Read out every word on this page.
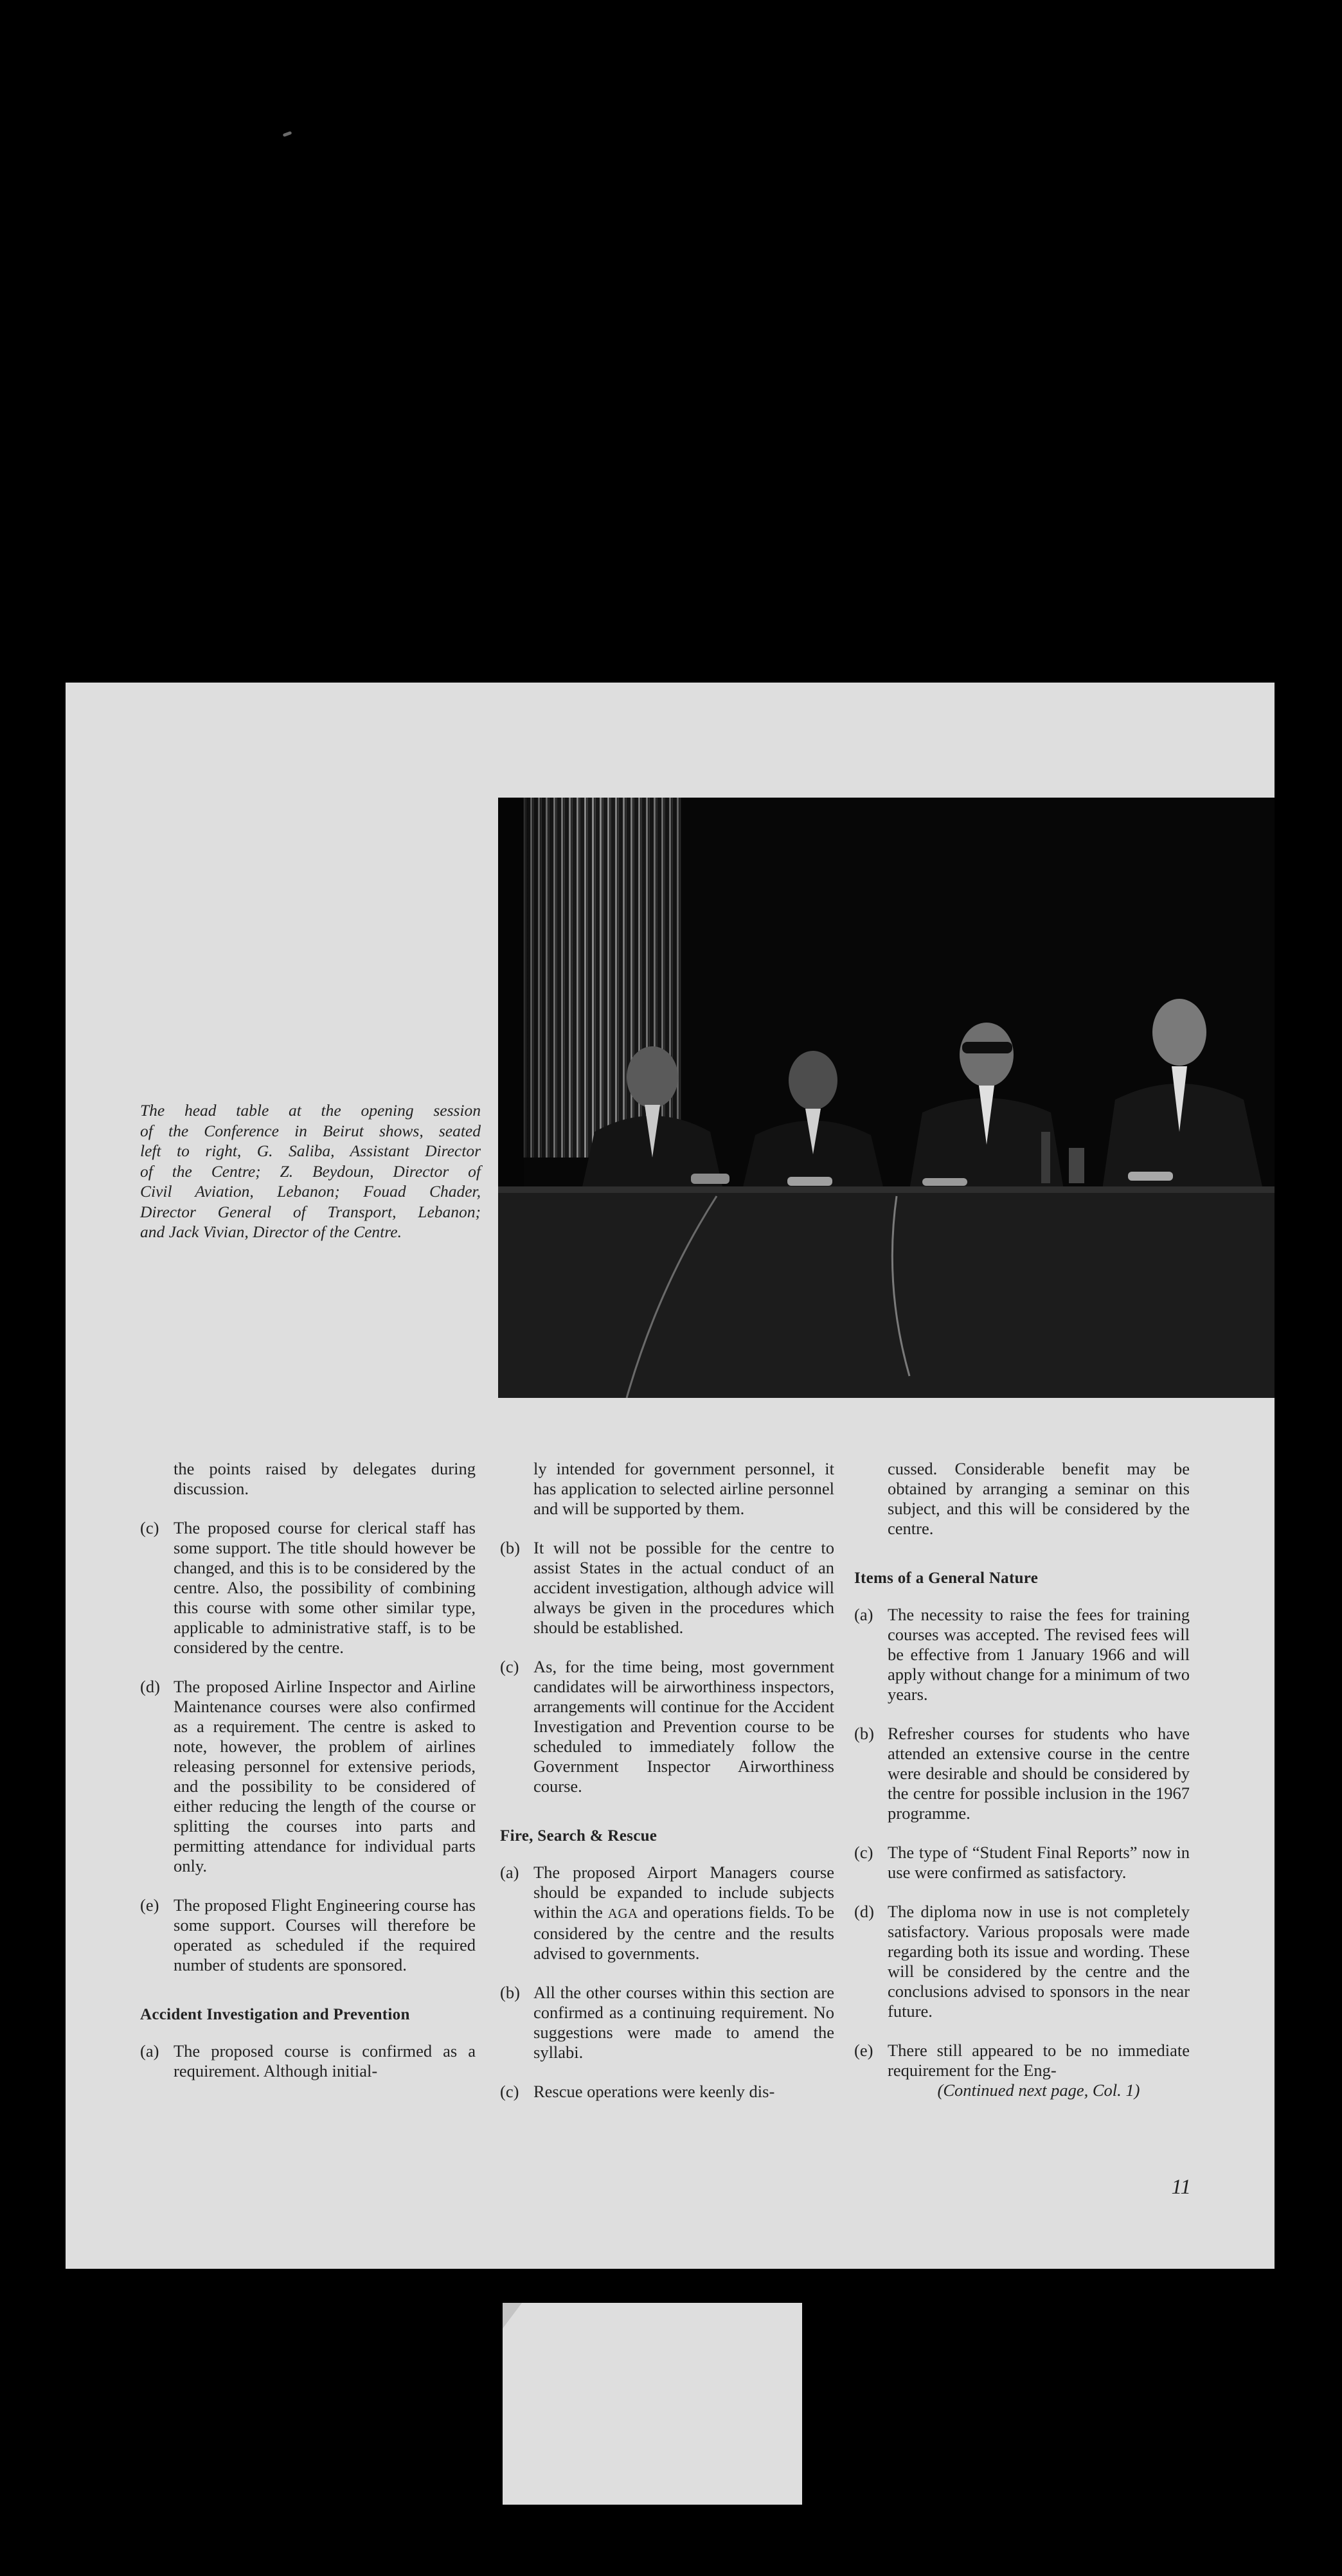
The head table at the opening session
of the Conference in Beirut shows, seated
left to right, G. Saliba, Assistant Director
of the Centre; Z. Beydoun, Director of
Civil Aviation, Lebanon; Fouad Chader,
Director General of Transport, Lebanon;
and Jack Vivian, Director of the Centre.
the points raised by delegates during discussion.
(c) The proposed course for clerical staff has some support. The title should however be changed, and this is to be considered by the centre. Also, the possibility of combining this course with some other similar type, applicable to administrative staff, is to be considered by the centre.
(d) The proposed Airline Inspector and Airline Maintenance courses were also confirmed as a requirement. The centre is asked to note, however, the problem of airlines releasing personnel for extensive periods, and the possibility to be considered of either reducing the length of the course or splitting the courses into parts and permitting attendance for individual parts only.
(e) The proposed Flight Engineering course has some support. Courses will therefore be operated as scheduled if the required number of students are sponsored.
Accident Investigation and Prevention
(a) The proposed course is confirmed as a requirement. Although initial-
ly intended for government personnel, it has application to selected airline personnel and will be supported by them.
(b) It will not be possible for the centre to assist States in the actual conduct of an accident investigation, although advice will always be given in the procedures which should be established.
(c) As, for the time being, most government candidates will be airworthiness inspectors, arrangements will continue for the Accident Investigation and Prevention course to be scheduled to immediately follow the Government Inspector Airworthiness course.
Fire, Search & Rescue
(a) The proposed Airport Managers course should be expanded to include subjects within the AGA and operations fields. To be considered by the centre and the results advised to governments.
(b) All the other courses within this section are confirmed as a continuing requirement. No suggestions were made to amend the syllabi.
(c) Rescue operations were keenly dis-
cussed. Considerable benefit may be obtained by arranging a seminar on this subject, and this will be considered by the centre.
Items of a General Nature
(a) The necessity to raise the fees for training courses was accepted. The revised fees will be effective from 1 January 1966 and will apply without change for a minimum of two years.
(b) Refresher courses for students who have attended an extensive course in the centre were desirable and should be considered by the centre for possible inclusion in the 1967 programme.
(c) The type of “Student Final Reports” now in use were confirmed as satisfactory.
(d) The diploma now in use is not completely satisfactory. Various proposals were made regarding both its issue and wording. These will be considered by the centre and the conclusions advised to sponsors in the near future.
(e) There still appeared to be no immediate requirement for the Eng-
(Continued next page, Col. 1)
11
